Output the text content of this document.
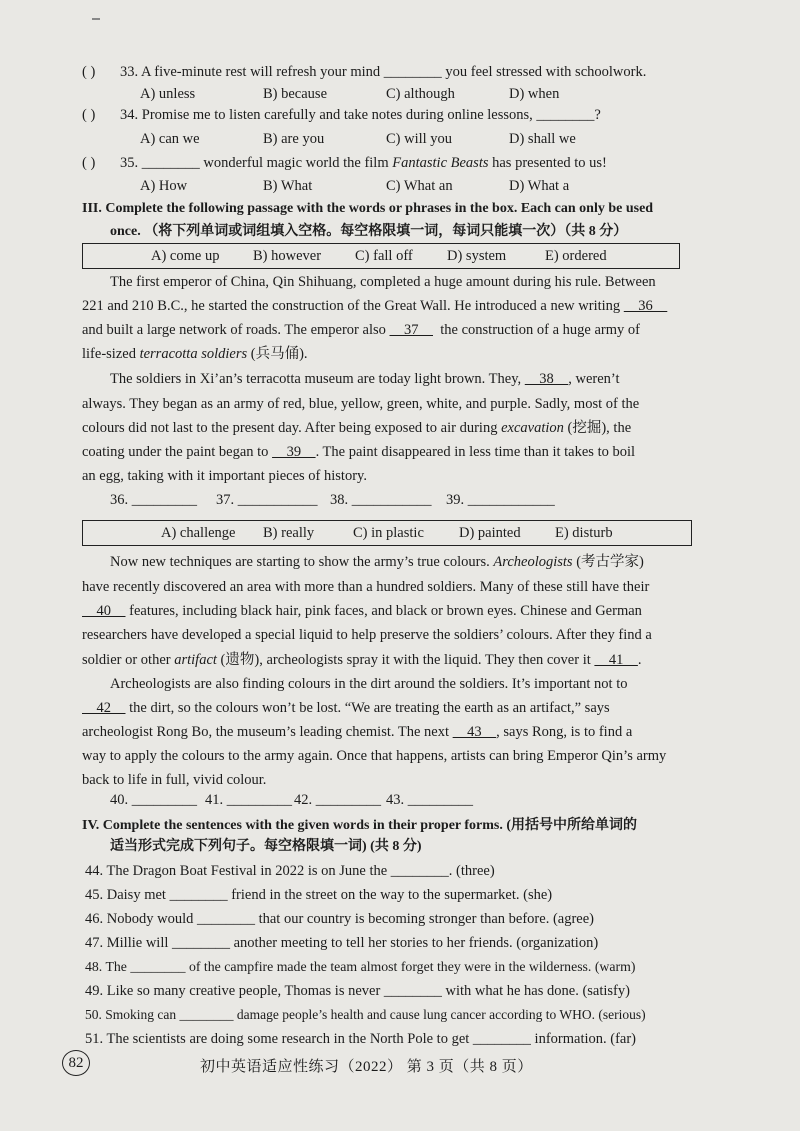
( ) 33. A five-minute rest will refresh your mind ________ you feel stressed with schoolwork.
A) unless	B) because	C) although	D) when
( ) 34. Promise me to listen carefully and take notes during online lessons, ________?
A) can we	B) are you	C) will you	D) shall we
( ) 35. ________ wonderful magic world the film Fantastic Beasts has presented to us!
A) How	B) What	C) What an	D) What a
III. Complete the following passage with the words or phrases in the box. Each can only be used
once. （将下列单词或词组填入空格。每空格限填一词，每词只能填一次）（共 8 分）
A) come up B) however C) fall off D) system	E) ordered
The first emperor of China, Qin Shihuang, completed a huge amount during his rule. Between
221 and 210 B.C., he started the construction of the Great Wall. He introduced a new writing     36
and built a large network of roads. The emperor also     37      the construction of a huge army of
life-sized terracotta soldiers (兵马俑).
The soldiers in Xi’an’s terracotta museum are today light brown. They,     38    , weren’t
always. They began as an army of red, blue, yellow, green, white, and purple. Sadly, most of the
colours did not last to the present day. After being exposed to air during excavation (挖掘), the
coating under the paint began to     39    . The paint disappeared in less time than it takes to boil
an egg, taking with it important pieces of history.
36. _________ 37. ___________ 38. ___________ 39. ____________
A) challenge B) really	C) in plastic D) painted E) disturb
Now new techniques are starting to show the army’s true colours. Archeologists (考古学家)
have recently discovered an area with more than a hundred soldiers. Many of these still have their
40     features, including black hair, pink faces, and black or brown eyes. Chinese and German
researchers have developed a special liquid to help preserve the soldiers’ colours. After they find a
soldier or other artifact (遗物), archeologists spray it with the liquid. They then cover it     41    .
Archeologists are also finding colours in the dirt around the soldiers. It’s important not to
42     the dirt, so the colours won’t be lost. “We are treating the earth as an artifact,” says
archeologist Rong Bo, the museum’s leading chemist. The next     43    , says Rong, is to find a
way to apply the colours to the army again. Once that happens, artists can bring Emperor Qin’s army
back to life in full, vivid colour.
40. _________ 41. _________ 42. _________ 43. _________
IV. Complete the sentences with the given words in their proper forms. (用括号中所给单词的
适当形式完成下列句子。每空格限填一词) (共 8 分)
44. The Dragon Boat Festival in 2022 is on June the ________. (three)
45. Daisy met ________ friend in the street on the way to the supermarket. (she)
46. Nobody would ________ that our country is becoming stronger than before. (agree)
47. Millie will ________ another meeting to tell her stories to her friends. (organization)
48. The ________ of the campfire made the team almost forget they were in the wilderness. (warm)
49. Like so many creative people, Thomas is never ________ with what he has done. (satisfy)
50. Smoking can ________ damage people’s health and cause lung cancer according to WHO. (serious)
51. The scientists are doing some research in the North Pole to get ________ information. (far)
82	初中英语适应性练习（2022） 第 3 页（共 8 页）
